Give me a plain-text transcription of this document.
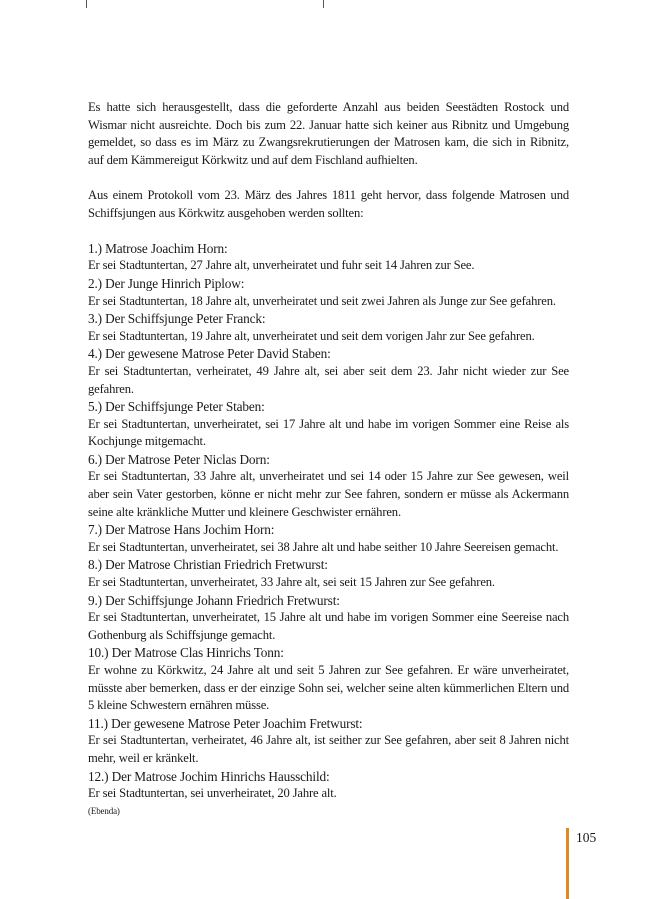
Es hatte sich herausgestellt, dass die geforderte Anzahl aus beiden Seestädten Rostock und Wismar nicht ausreichte. Doch bis zum 22. Januar hatte sich keiner aus Ribnitz und Umgebung gemeldet, so dass es im März zu Zwangsrekrutierungen der Matrosen kam, die sich in Ribnitz, auf dem Kämmereigut Körkwitz und auf dem Fischland aufhielten.

Aus einem Protokoll vom 23. März des Jahres 1811 geht hervor, dass folgende Matrosen und Schiffsjungen aus Körkwitz ausgehoben werden sollten:

1.) Matrose Joachim Horn:

Er sei Stadtuntertan, 27 Jahre alt, unverheiratet und fuhr seit 14 Jahren zur See.

2.) Der Junge Hinrich Piplow:

Er sei Stadtuntertan, 18 Jahre alt, unverheiratet und seit zwei Jahren als Junge zur See gefahren.

3.) Der Schiffsjunge Peter Franck:

Er sei Stadtuntertan, 19 Jahre alt, unverheiratet und seit dem vorigen Jahr zur See gefahren.

4.) Der gewesene Matrose Peter David Staben:

Er sei Stadtuntertan, verheiratet, 49 Jahre alt, sei aber seit dem 23. Jahr nicht wieder zur See gefahren.

5.) Der Schiffsjunge Peter Staben:

Er sei Stadtuntertan, unverheiratet, sei 17 Jahre alt und habe im vorigen Sommer eine Reise als Kochjunge mitgemacht.

6.) Der Matrose Peter Niclas Dorn:

Er sei Stadtuntertan, 33 Jahre alt, unverheiratet und sei 14 oder 15 Jahre zur See gewesen, weil aber sein Vater gestorben, könne er nicht mehr zur See fahren, sondern er müsse als Ackermann seine alte kränkliche Mutter und kleinere Geschwister ernähren.

7.) Der Matrose Hans Jochim Horn:

Er sei Stadtuntertan, unverheiratet, sei 38 Jahre alt und habe seither 10 Jahre Seereisen gemacht.

8.) Der Matrose Christian Friedrich Fretwurst:

Er sei Stadtuntertan, unverheiratet, 33 Jahre alt, sei seit 15 Jahren zur See gefahren.

9.) Der Schiffsjunge Johann Friedrich Fretwurst:

Er sei Stadtuntertan, unverheiratet, 15 Jahre alt und habe im vorigen Sommer eine Seereise nach Gothenburg als Schiffsjunge gemacht.

10.) Der Matrose Clas Hinrichs Tonn:

Er wohne zu Körkwitz, 24 Jahre alt und seit 5 Jahren zur See gefahren. Er wäre unverheiratet, müsste aber bemerken, dass er der einzige Sohn sei, welcher seine alten kümmerlichen Eltern und 5 kleine Schwestern ernähren müsse.

11.) Der gewesene Matrose Peter Joachim Fretwurst:

Er sei Stadtuntertan, verheiratet, 46 Jahre alt, ist seither zur See gefahren, aber seit 8 Jahren nicht mehr, weil er kränkelt.

12.) Der Matrose Jochim Hinrichs Hausschild:

Er sei Stadtuntertan, sei unverheiratet, 20 Jahre alt.

(Ebenda)

105
